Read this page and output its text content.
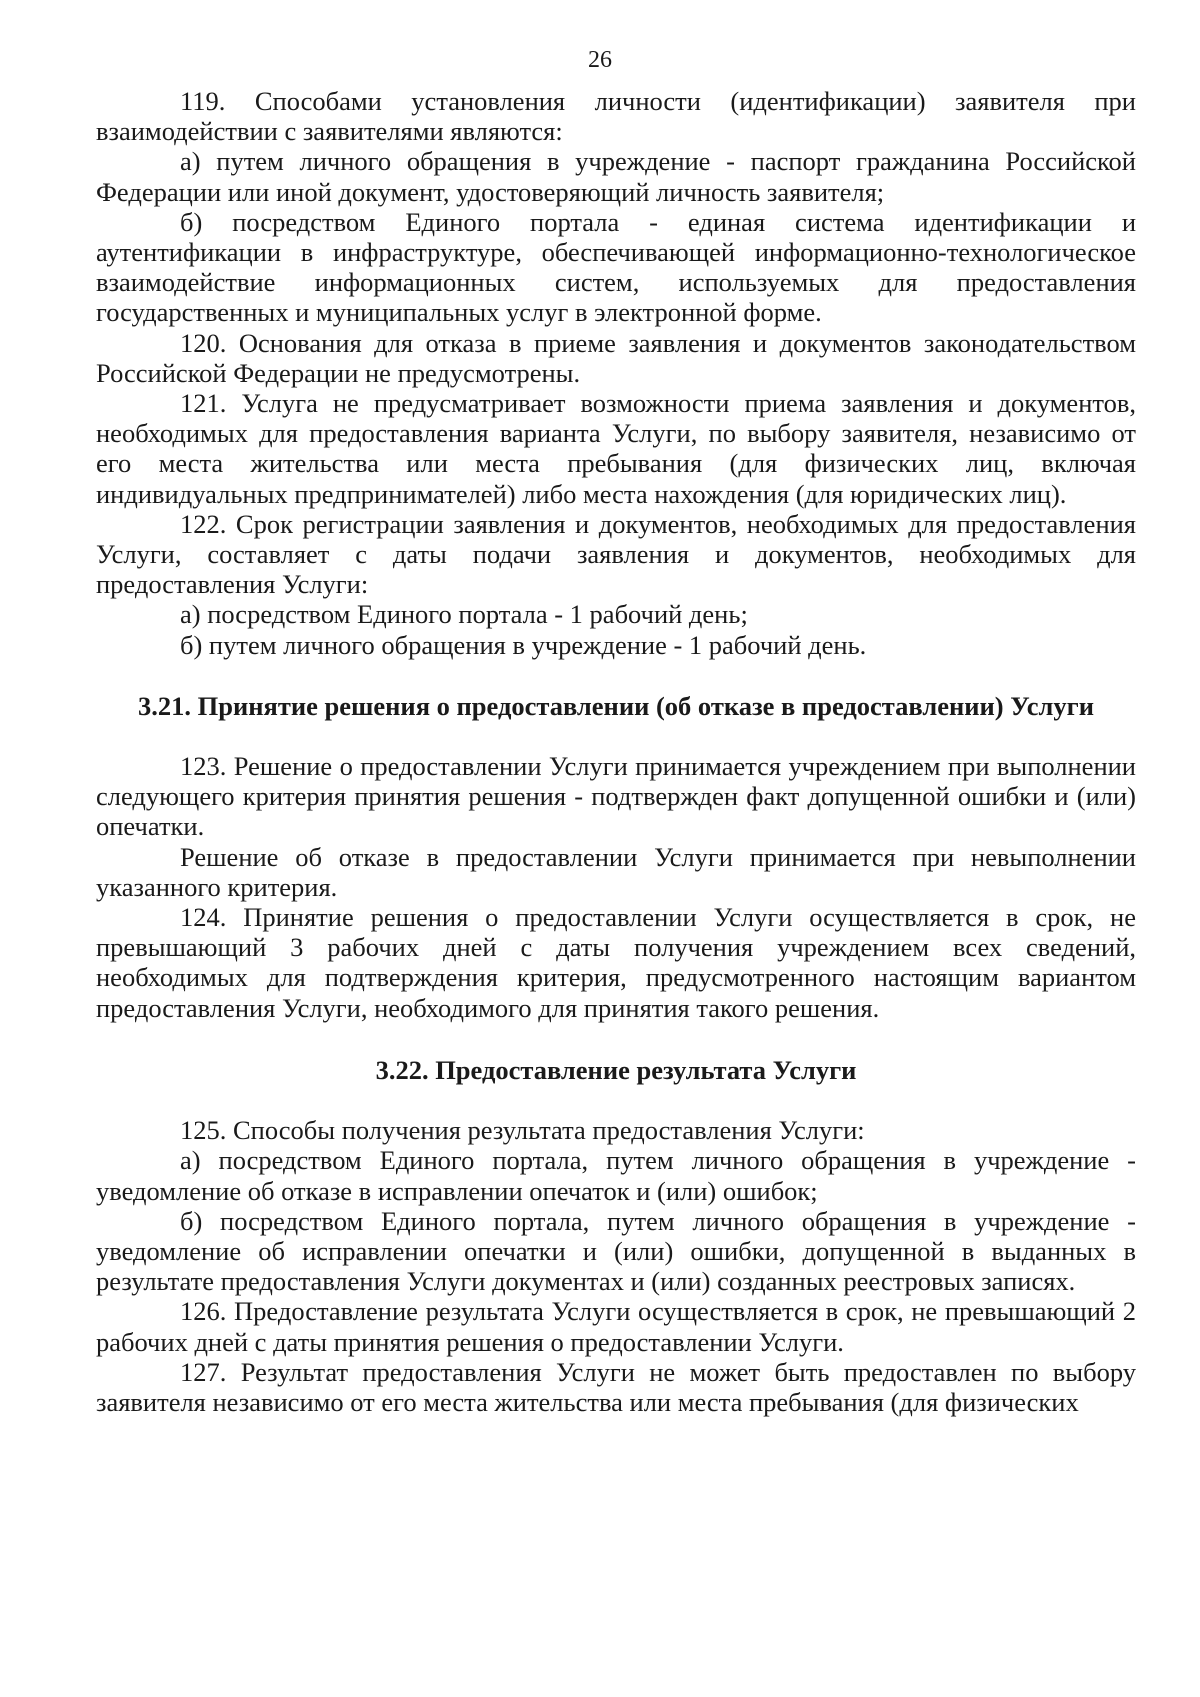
26

119. Способами установления личности (идентификации) заявителя при взаимодействии с заявителями являются:

а) путем личного обращения в учреждение - паспорт гражданина Российской Федерации или иной документ, удостоверяющий личность заявителя;

б) посредством Единого портала - единая система идентификации и аутентификации в инфраструктуре, обеспечивающей информационно-технологическое взаимодействие информационных систем, используемых для предоставления государственных и муниципальных услуг в электронной форме.

120. Основания для отказа в приеме заявления и документов законодательством Российской Федерации не предусмотрены.

121. Услуга не предусматривает возможности приема заявления и документов, необходимых для предоставления варианта Услуги, по выбору заявителя, независимо от его места жительства или места пребывания (для физических лиц, включая индивидуальных предпринимателей) либо места нахождения (для юридических лиц).

122. Срок регистрации заявления и документов, необходимых для предоставления Услуги, составляет с даты подачи заявления и документов, необходимых для предоставления Услуги:

а) посредством Единого портала - 1 рабочий день;

б) путем личного обращения в учреждение - 1 рабочий день.

3.21. Принятие решения о предоставлении (об отказе в предоставлении) Услуги

123. Решение о предоставлении Услуги принимается учреждением при выполнении следующего критерия принятия решения - подтвержден факт допущенной ошибки и (или) опечатки.

Решение об отказе в предоставлении Услуги принимается при невыполнении указанного критерия.

124. Принятие решения о предоставлении Услуги осуществляется в срок, не превышающий 3 рабочих дней с даты получения учреждением всех сведений, необходимых для подтверждения критерия, предусмотренного настоящим вариантом предоставления Услуги, необходимого для принятия такого решения.

3.22. Предоставление результата Услуги

125. Способы получения результата предоставления Услуги:

а) посредством Единого портала, путем личного обращения в учреждение - уведомление об отказе в исправлении опечаток и (или) ошибок;

б) посредством Единого портала, путем личного обращения в учреждение - уведомление об исправлении опечатки и (или) ошибки, допущенной в выданных в результате предоставления Услуги документах и (или) созданных реестровых записях.

126. Предоставление результата Услуги осуществляется в срок, не превышающий 2 рабочих дней с даты принятия решения о предоставлении Услуги.

127. Результат предоставления Услуги не может быть предоставлен по выбору заявителя независимо от его места жительства или места пребывания (для физических
